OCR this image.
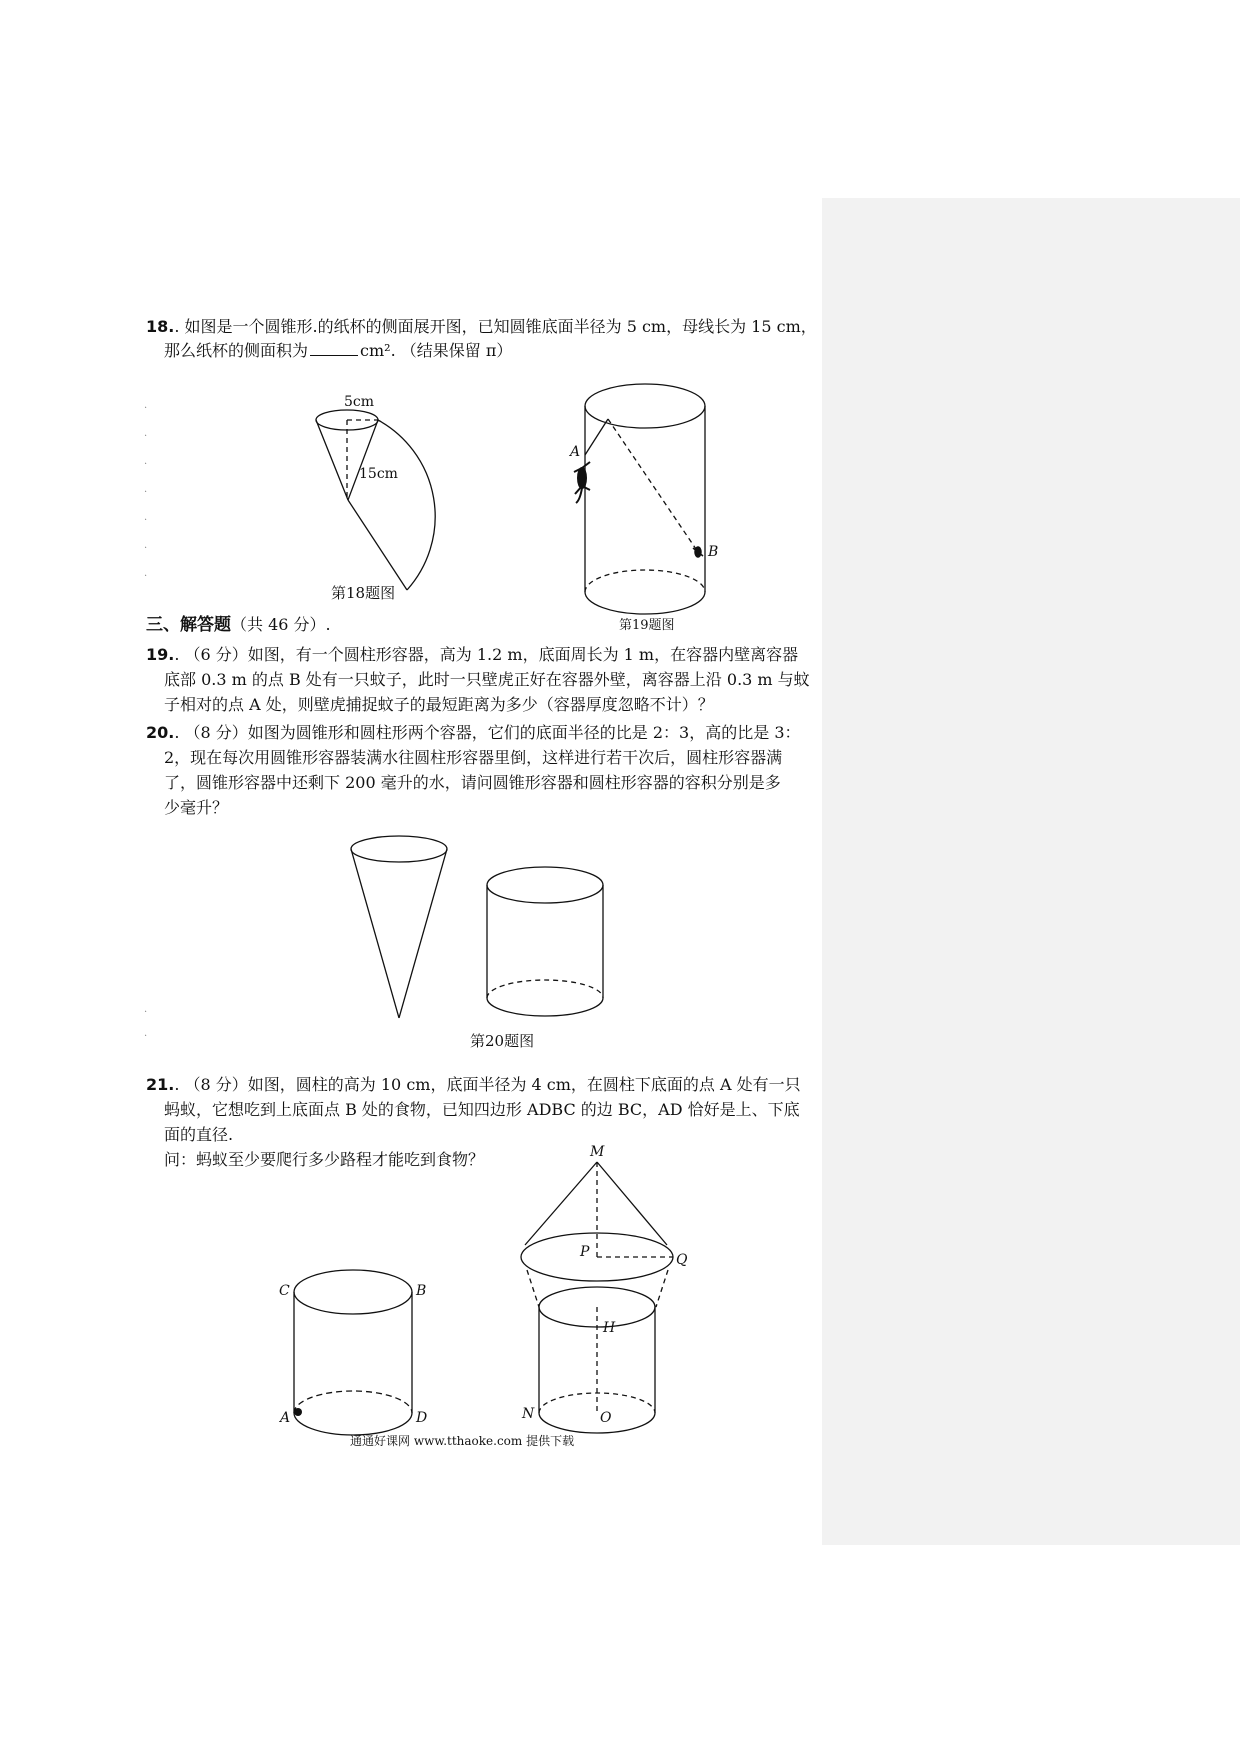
18.. 如图是一个圆锥形.的纸杯的侧面展开图，已知圆锥底面半径为 5 cm，母线长为 15 cm，
那么纸杯的侧面积为	cm². （结果保留 π）
5cm
15cm
A
B
C	B
A	D
M
P	Q
H
N	O
第18题图
第19题图
.
.
.
.
.
.
.
三、解答题（共 46 分）.
19.. （6 分）如图，有一个圆柱形容器，高为 1.2 m，底面周长为 1 m，在容器内壁离容器
底部 0.3 m 的点 B 处有一只蚊子，此时一只壁虎正好在容器外壁，离容器上沿 0.3 m 与蚊
子相对的点 A 处，则壁虎捕捉蚊子的最短距离为多少（容器厚度忽略不计）？
20.. （8 分）如图为圆锥形和圆柱形两个容器，它们的底面半径的比是 2：3，高的比是 3：
2，现在每次用圆锥形容器装满水往圆柱形容器里倒，这样进行若干次后，圆柱形容器满
了，圆锥形容器中还剩下 200 毫升的水，请问圆锥形容器和圆柱形容器的容积分别是多
少毫升？
.
.	第20题图
21.. （8 分）如图，圆柱的高为 10 cm，底面半径为 4 cm，在圆柱下底面的点 A 处有一只
蚂蚁，它想吃到上底面点 B 处的食物，已知四边形 ADBC 的边 BC，AD 恰好是上、下底
面的直径.
问：蚂蚁至少要爬行多少路程才能吃到食物？
通通好课网 www.tthaoke.com 提供下载
